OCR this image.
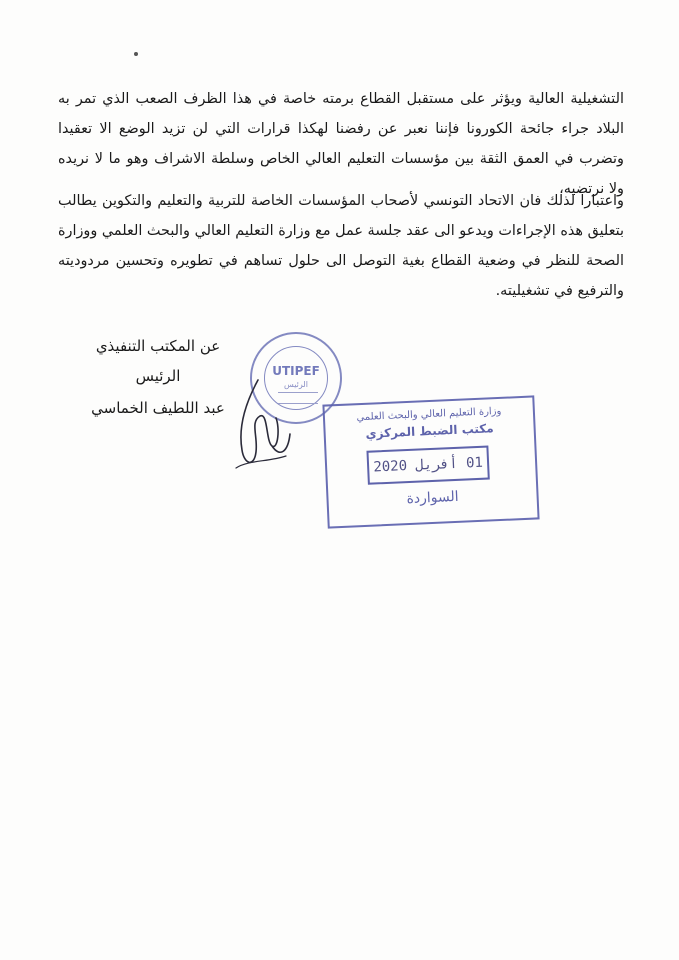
التشغيلية العالية ويؤثر على مستقبل القطاع برمته خاصة في هذا الظرف الصعب الذي تمر به البلاد جراء جائحة الكورونا فإننا نعبر عن رفضنا لهكذا قرارات التي لن تزيد الوضع الا تعقيدا وتضرب في العمق الثقة بين مؤسسات التعليم العالي الخاص وسلطة الاشراف وهو ما لا نريده ولا نرتضيه،

واعتبارا لذلك فان الاتحاد التونسي لأصحاب المؤسسات الخاصة للتربية والتعليم والتكوين يطالب بتعليق هذه الإجراءات ويدعو الى عقد جلسة عمل مع وزارة التعليم العالي والبحث العلمي ووزارة الصحة للنظر في وضعية القطاع بغية التوصل الى حلول تساهم في تطويره وتحسين مردوديته والترفيع في تشغيليته.

عن المكتب التنفيذي
الرئيس
عبد اللطيف الخماسي
UTIPEF
الرئيس
وزارة التعليم العالي والبحث العلمي
مكتب الضبط المركزي
2020 أفريل 01
السواردة
